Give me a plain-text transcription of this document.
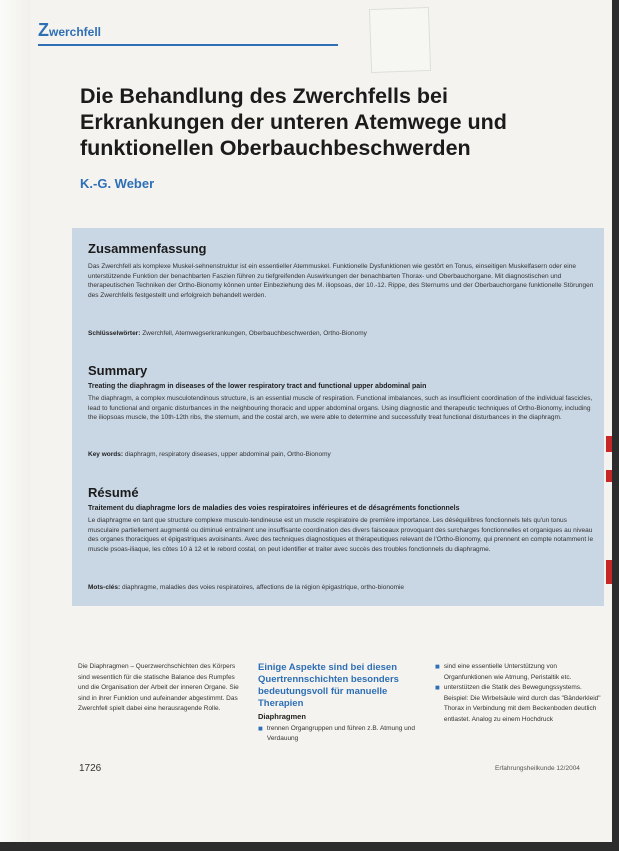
Zwerchfell
Die Behandlung des Zwerchfells bei Erkrankungen der unteren Atemwege und funktionellen Oberbauchbeschwerden
K.-G. Weber
Zusammenfassung

Das Zwerchfell als komplexe Muskel-sehnenstruktur ist ein essentieller Atemmuskel. Funktionelle Dysfunktionen wie gestört en Tonus, einseitigen Muskelfasern oder eine unterstützende Funktion der benachbarten Faszien führen zu tiefgreifenden Auswirkungen der benachbarten Thorax- und Oberbauchorgane. Mit diagnostischen und therapeutischen Techniken der Ortho-Bionomy können unter Einbeziehung des M. iliopsoas, der 10.-12. Rippe, des Sternums und der Oberbauchorgane funktionelle Störungen des Zwerchfells festgestellt und erfolgreich behandelt werden.

Schlüsselwörter: Zwerchfell, Atemwegserkrankungen, Oberbauchbeschwerden, Ortho-Bionomy
Summary
Treating the diaphragm in diseases of the lower respiratory tract and functional upper abdominal pain

The diaphragm, a complex musculotendinous structure, is an essential muscle of respiration. Functional imbalances, such as insufficient coordination of the individual fascicles, lead to functional and organic disturbances in the neighbouring thoracic and upper abdominal organs. Using diagnostic and therapeutic techniques of Ortho-Bionomy, including the iliopsoas muscle, the 10th-12th ribs, the sternum, and the costal arch, we were able to determine and successfully treat functional disturbances in the diaphragm.

Key words: diaphragm, respiratory diseases, upper abdominal pain, Ortho-Bionomy
Résumé
Traitement du diaphragme lors de maladies des voies respiratoires inférieures et de désagréments fonctionnels

Le diaphragme en tant que structure complexe musculo-tendineuse est un muscle respiratoire de première importance. Les déséquilibres fonctionnels tels qu'un tonus musculaire partiellement augmenté ou diminué entraînent une insuffisante coordination des divers faisceaux provoquant des surcharges fonctionnelles et organiques au niveau des organes thoraciques et épigastriques avoisinants. Avec des techniques diagnostiques et thérapeutiques relevant de l'Ortho-Bionomy, qui prennent en compte notamment le muscle psoas-iliaque, les côtes 10 à 12 et le rebord costal, on peut identifier et traiter avec succès des troubles fonctionnels du diaphragme.

Mots-clés: diaphragme, maladies des voies respiratoires, affections de la région épigastrique, ortho-bionomie
Die Diaphragmen – Querzwerchschichten des Körpers sind wesentlich für die statische Balance des Rumpfes und die Organisation der Arbeit der inneren Organe. Sie sind in ihrer Funktion und aufeinander abgestimmt. Das Zwerchfell spielt dabei eine herausragende Rolle.

Einige Aspekte sind bei diesen Quertrennschichten besonders bedeutungsvoll für manuelle Therapien

Diaphragmen

■ trennen Organgruppen und führen z.B. Atmung und Verdauung
■ sind eine essentielle Unterstützung von Organfunktionen wie Atmung, Peristaltik etc.
■ unterstützen die Statik des Bewegungssystems. Beispiel: Die Wirbelsäule wird durch das "Bänderkleid" Thorax in Verbindung mit dem Beckenboden deutlich entlastet. Analog zu einem Hochdruck
1726	Erfahrungsheilkunde 12/2004
